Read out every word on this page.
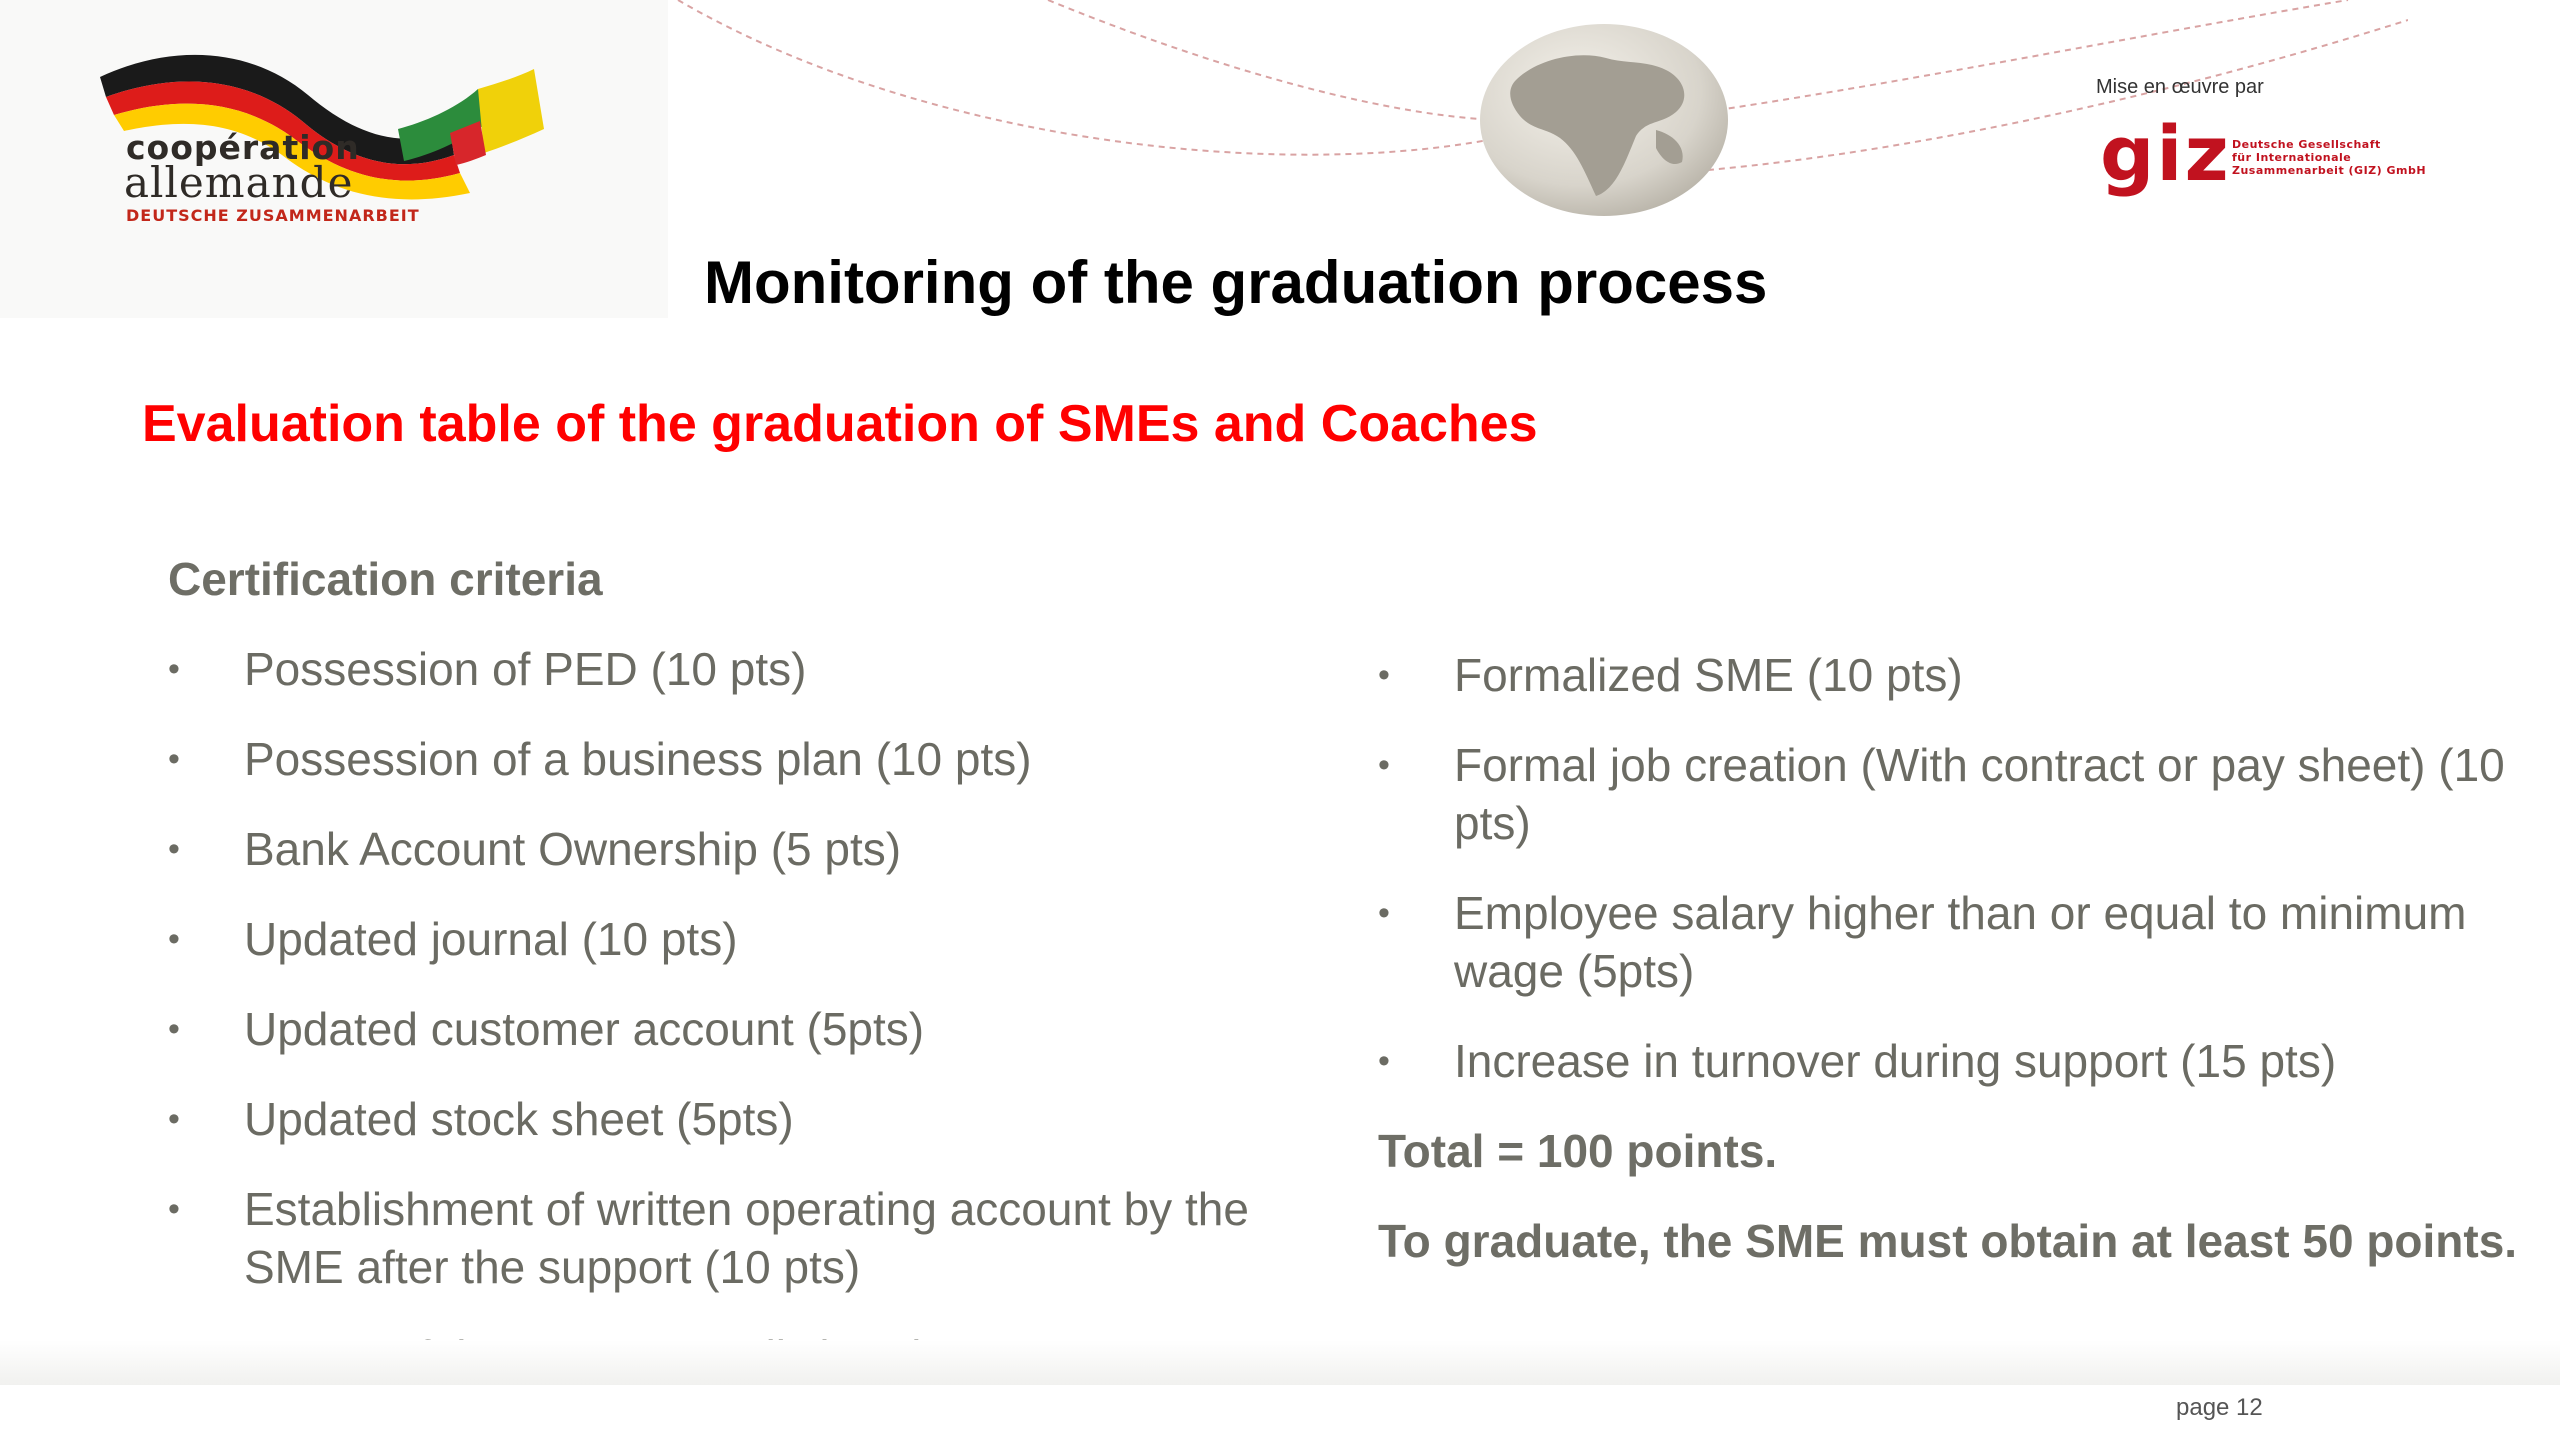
coopération
allemande
DEUTSCHE ZUSAMMENARBEIT
Mise en œuvre par
giz Deutsche Gesellschaft
für Internationale
Zusammenarbeit (GIZ) GmbH
Monitoring of the graduation process
Evaluation table of the graduation of SMEs and Coaches
Certification criteria
• Possession of PED (10 pts)
• Possession of a business plan (10 pts)
• Bank Account Ownership (5 pts)
• Updated journal (10 pts)
• Updated customer account (5pts)
• Updated stock sheet (5pts)
• Establishment of written operating account by the SME after the support (10 pts)
• Formalized SME (10 pts)
• Formal job creation (With contract or pay sheet) (10 pts)
• Employee salary higher than or equal to minimum wage (5pts)
• Increase in turnover during support (15 pts)
Total = 100 points.
To graduate, the SME must obtain at least 50 points.
page 12
